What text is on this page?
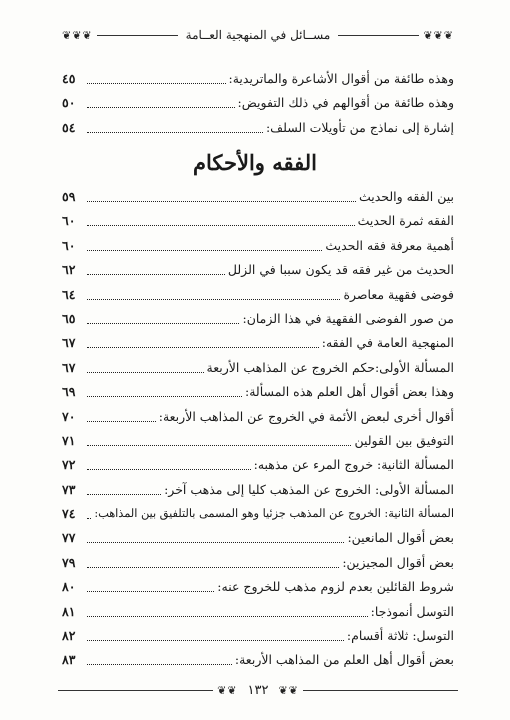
❦❦❦
مســائل في المنهجية العــامة
❦❦❦
وهذه طائفة من أقوال الأشاعرة والماتريدية:
٤٥
وهذه طائفة من أقوالهم في ذلك التفويض:
٥٠
إشارة إلى نماذج من تأويلات السلف:
٥٤
الفقه والأحكام
بين الفقه والحديث
٥٩
الفقه ثمرة الحديث
٦٠
أهمية معرفة فقه الحديث
٦٠
الحديث من غير فقه قد يكون سببا في الزلل
٦٢
فوضى فقهية معاصرة
٦٤
من صور الفوضى الفقهية في هذا الزمان:
٦٥
المنهجية العامة في الفقه:
٦٧
المسألة الأولى:حكم الخروج عن المذاهب الأربعة
٦٧
وهذا بعض أقوال أهل العلم هذه المسألة:
٦٩
أقوال أخرى لبعض الأئمة في الخروج عن المذاهب الأربعة:
٧٠
التوفيق بين القولين
٧١
المسألة الثانية: خروج المرء عن مذهبه:
٧٢
المسألة الأولى: الخروج عن المذهب كليا إلى مذهب آخر:
٧٣
المسألة الثانية: الخروج عن المذهب جزئيا وهو المسمى بالتلفيق بين المذاهب:
٧٤
بعض أقوال المانعين:
٧٧
بعض أقوال المجيزين:
٧٩
شروط القائلين بعدم لزوم مذهب للخروج عنه:
٨٠
التوسل أنموذجا:
٨١
التوسل: ثلاثة أقسام:
٨٢
بعض أقوال أهل العلم من المذاهب الأربعة:
٨٣
❦❦
١٣٢
❦❦
